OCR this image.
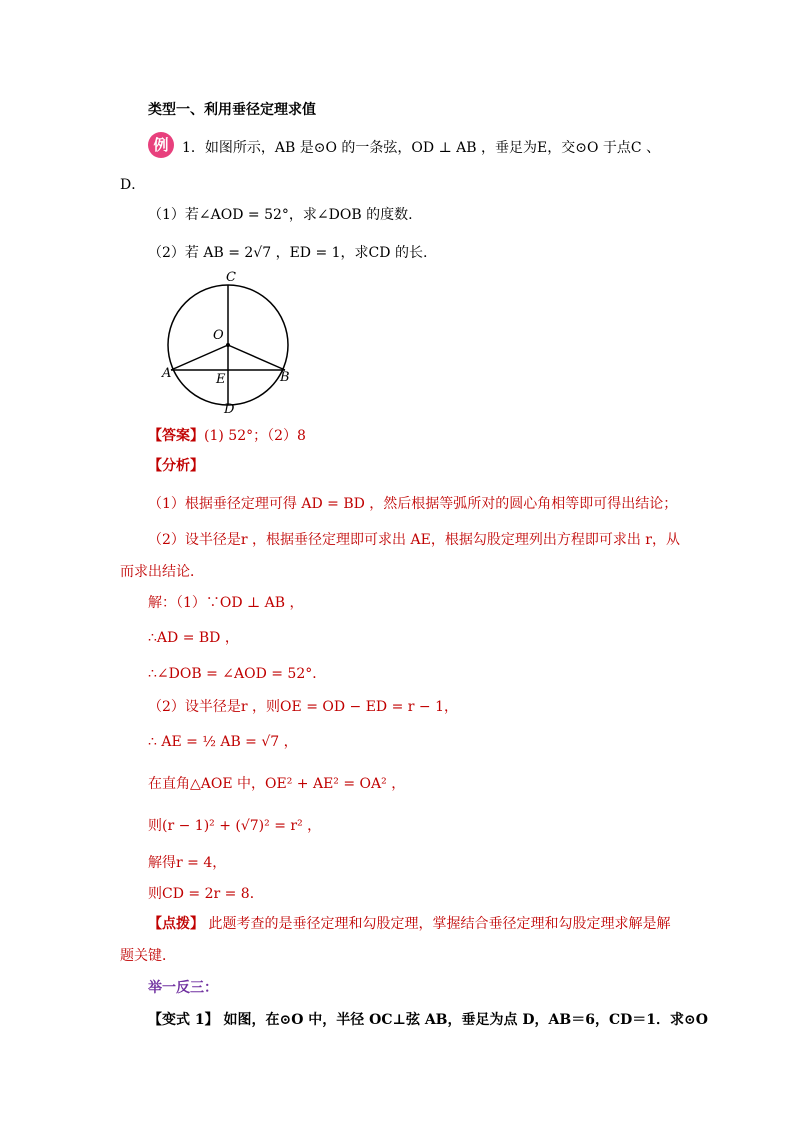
类型一、利用垂径定理求值
例 1．如图所示，AB 是⊙O 的一条弦，OD ⊥ AB ，垂足为E，交⊙O 于点C 、
D．
（1）若∠AOD = 52°，求∠DOB 的度数.
（2）若 AB = 2√7 ，ED = 1，求CD 的长.
C
O
A	E	B
D
【答案】(1) 52°；（2）8
【分析】
（1）根据垂径定理可得 AD = BD ，然后根据等弧所对的圆心角相等即可得出结论；
（2）设半径是r ，根据垂径定理即可求出 AE，根据勾股定理列出方程即可求出 r，从
而求出结论．
解：（1）∵OD ⊥ AB ，
∴AD = BD ，
∴∠DOB = ∠AOD = 52°．
（2）设半径是r ，则OE = OD − ED = r − 1，
∴ AE = ½ AB = √7 ，
在直角△AOE 中，OE² + AE² = OA² ，
则(r − 1)² + (√7)² = r² ，
解得r = 4，
则CD = 2r = 8．
【点拨】 此题考查的是垂径定理和勾股定理，掌握结合垂径定理和勾股定理求解是解
题关键．
举一反三：
【变式 1】 如图，在⊙O 中，半径 OC⊥弦 AB，垂足为点 D，AB＝6，CD＝1．求⊙O
